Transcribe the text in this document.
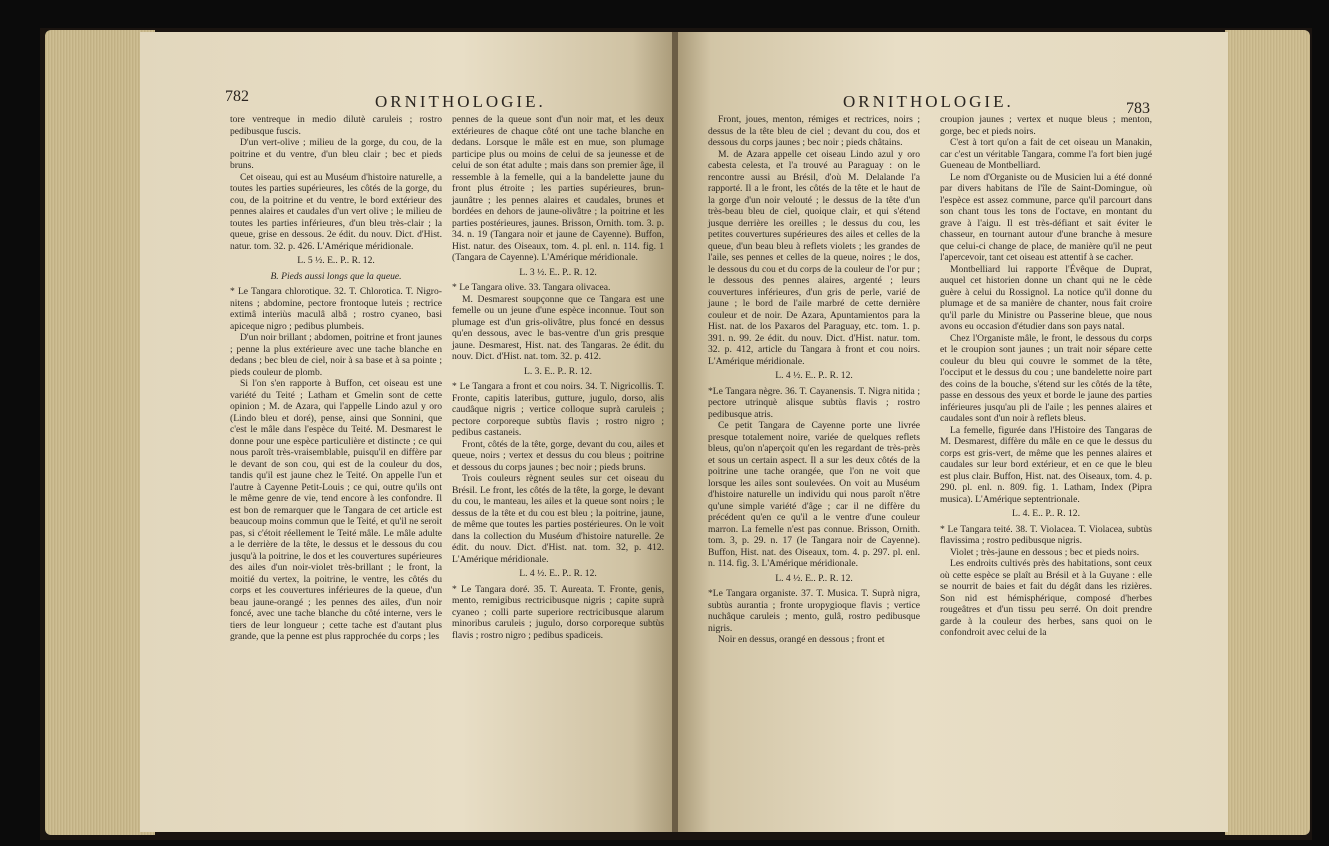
782	ORNITHOLOGIE.

tore ventreque in medio dilutè caruleis ; rostro pedibusque fuscis.

D'un vert-olive ; milieu de la gorge, du cou, de la poitrine et du ventre, d'un bleu clair ; bec et pieds bruns.

Cet oiseau, qui est au Muséum d'histoire naturelle, a toutes les parties supérieures, les côtés de la gorge, du cou, de la poitrine et du ventre, le bord extérieur des pennes alaires et caudales d'un vert olive ; le milieu de toutes les parties inférieures, d'un bleu très-clair ; la queue, grise en dessous. 2e édit. du nouv. Dict. d'Hist. natur. tom. 32. p. 426. L'Amérique méridionale.

L. 5 ½. E.. P.. R. 12.

B. Pieds aussi longs que la queue.

* Le Tangara chlorotique. 32. T. Chlorotica. T. Nigro-nitens ; abdomine, pectore frontoque luteis ; rectrice extimâ interiùs maculâ albâ ; rostro cyaneo, basi apiceque nigro ; pedibus plumbeis.

D'un noir brillant ; abdomen, poitrine et front jaunes ; penne la plus extérieure avec une tache blanche en dedans ; bec bleu de ciel, noir à sa base et à sa pointe ; pieds couleur de plomb.

Si l'on s'en rapporte à Buffon, cet oiseau est une variété du Teité ; Latham et Gmelin sont de cette opinion ; M. de Azara, qui l'appelle Lindo azul y oro (Lindo bleu et doré), pense, ainsi que Sonnini, que c'est le mâle dans l'espèce du Teité. M. Desmarest le donne pour une espèce particulière et distincte ; ce qui nous paroît très-vraisemblable, puisqu'il en diffère par le devant de son cou, qui est de la couleur du dos, tandis qu'il est jaune chez le Teité. On appelle l'un et l'autre à Cayenne Petit-Louis ; ce qui, outre qu'ils ont le même genre de vie, tend encore à les confondre. Il est bon de remarquer que le Tangara de cet article est beaucoup moins commun que le Teité, et qu'il ne seroit pas, si c'étoit réellement le Teité mâle. Le mâle adulte a le derrière de la tête, le dessus et le dessous du cou jusqu'à la poitrine, le dos et les couvertures supérieures des ailes d'un noir-violet très-brillant ; le front, la moitié du vertex, la poitrine, le ventre, les côtés du corps et les couvertures inférieures de la queue, d'un beau jaune-orangé ; les pennes des ailes, d'un noir foncé, avec une tache blanche du côté interne, vers le tiers de leur longueur ; cette tache est d'autant plus grande, que la penne est plus rapprochée du corps ; les

pennes de la queue sont d'un noir mat, et les deux extérieures de chaque côté ont une tache blanche en dedans. Lorsque le mâle est en mue, son plumage participe plus ou moins de celui de sa jeunesse et de celui de son état adulte ; mais dans son premier âge, il ressemble à la femelle, qui a la bandelette jaune du front plus étroite ; les parties supérieures, brun-jaunâtre ; les pennes alaires et caudales, brunes et bordées en dehors de jaune-olivâtre ; la poitrine et les parties postérieures, jaunes. Brisson, Ornith. tom. 3. p. 34. n. 19 (Tangara noir et jaune de Cayenne). Buffon, Hist. natur. des Oiseaux, tom. 4. pl. enl. n. 114. fig. 1 (Tangara de Cayenne). L'Amérique méridionale.

L. 3 ½. E.. P.. R. 12.

* Le Tangara olive. 33. Tangara olivacea.

M. Desmarest soupçonne que ce Tangara est une femelle ou un jeune d'une espèce inconnue. Tout son plumage est d'un gris-olivâtre, plus foncé en dessus qu'en dessous, avec le bas-ventre d'un gris presque jaune. Desmarest, Hist. nat. des Tangaras. 2e édit. du nouv. Dict. d'Hist. nat. tom. 32. p. 412.

L. 3. E.. P.. R. 12.

* Le Tangara a front et cou noirs. 34. T. Nigricollis. T. Fronte, capitis lateribus, gutture, jugulo, dorso, alis caudâque nigris ; vertice colloque suprà caruleis ; pectore corporeque subtùs flavis ; rostro nigro ; pedibus castaneis.

Front, côtés de la tête, gorge, devant du cou, ailes et queue, noirs ; vertex et dessus du cou bleus ; poitrine et dessous du corps jaunes ; bec noir ; pieds bruns.

Trois couleurs règnent seules sur cet oiseau du Brésil. Le front, les côtés de la tête, la gorge, le devant du cou, le manteau, les ailes et la queue sont noirs ; le dessus de la tête et du cou est bleu ; la poitrine, jaune, de même que toutes les parties postérieures. On le voit dans la collection du Muséum d'histoire naturelle. 2e édit. du nouv. Dict. d'Hist. nat. tom. 32, p. 412. L'Amérique méridionale.

L. 4 ½. E.. P.. R. 12.

* Le Tangara doré. 35. T. Aureata. T. Fronte, genis, mento, remigibus rectricibusque nigris ; capite suprà cyaneo ; colli parte superiore rectricibusque alarum minoribus caruleis ; jugulo, dorso corporeque subtùs flavis ; rostro nigro ; pedibus spadiceis.

ORNITHOLOGIE.	783

Front, joues, menton, rémiges et rectrices, noirs ; dessus de la tête bleu de ciel ; devant du cou, dos et dessous du corps jaunes ; bec noir ; pieds châtains.

M. de Azara appelle cet oiseau Lindo azul y oro cabesta celesta, et l'a trouvé au Paraguay : on le rencontre aussi au Brésil, d'où M. Delalande l'a rapporté. Il a le front, les côtés de la tête et le haut de la gorge d'un noir velouté ; le dessus de la tête d'un très-beau bleu de ciel, quoique clair, et qui s'étend jusque derrière les oreilles ; le dessus du cou, les petites couvertures supérieures des ailes et celles de la queue, d'un beau bleu à reflets violets ; les grandes de l'aile, ses pennes et celles de la queue, noires ; le dos, le dessous du cou et du corps de la couleur de l'or pur ; le dessous des pennes alaires, argenté ; leurs couvertures inférieures, d'un gris de perle, varié de jaune ; le bord de l'aile marbré de cette dernière couleur et de noir. De Azara, Apuntamientos para la Hist. nat. de los Paxaros del Paraguay, etc. tom. 1. p. 391. n. 99. 2e édit. du nouv. Dict. d'Hist. natur. tom. 32. p. 412, article du Tangara à front et cou noirs. L'Amérique méridionale.

L. 4 ½. E.. P.. R. 12.

*Le Tangara nègre. 36. T. Cayanensis. T. Nigra nitida ; pectore utrinquè alisque subtùs flavis ; rostro pedibusque atris.

Ce petit Tangara de Cayenne porte une livrée presque totalement noire, variée de quelques reflets bleus, qu'on n'aperçoit qu'en les regardant de très-près et sous un certain aspect. Il a sur les deux côtés de la poitrine une tache orangée, que l'on ne voit que lorsque les ailes sont soulevées. On voit au Muséum d'histoire naturelle un individu qui nous paroît n'être qu'une simple variété d'âge ; car il ne diffère du précédent qu'en ce qu'il a le ventre d'une couleur marron. La femelle n'est pas connue. Brisson, Ornith. tom. 3, p. 29. n. 17 (le Tangara noir de Cayenne). Buffon, Hist. nat. des Oiseaux, tom. 4. p. 297. pl. enl. n. 114. fig. 3. L'Amérique méridionale.

L. 4 ½. E.. P.. R. 12.

*Le Tangara organiste. 37. T. Musica. T. Suprà nigra, subtùs aurantia ; fronte uropygioque flavis ; vertice nuchâque caruleis ; mento, gulâ, rostro pedibusque nigris.

Noir en dessus, orangé en dessous ; front et

croupion jaunes ; vertex et nuque bleus ; menton, gorge, bec et pieds noirs.

C'est à tort qu'on a fait de cet oiseau un Manakin, car c'est un véritable Tangara, comme l'a fort bien jugé Gueneau de Montbelliard.

Le nom d'Organiste ou de Musicien lui a été donné par divers habitans de l'île de Saint-Domingue, où l'espèce est assez commune, parce qu'il parcourt dans son chant tous les tons de l'octave, en montant du grave à l'aigu. Il est très-défiant et sait éviter le chasseur, en tournant autour d'une branche à mesure que celui-ci change de place, de manière qu'il ne peut l'apercevoir, tant cet oiseau est attentif à se cacher.

Montbelliard lui rapporte l'Évêque de Duprat, auquel cet historien donne un chant qui ne le cède guère à celui du Rossignol. La notice qu'il donne du plumage et de sa manière de chanter, nous fait croire qu'il parle du Ministre ou Passerine bleue, que nous avons eu occasion d'étudier dans son pays natal.

Chez l'Organiste mâle, le front, le dessous du corps et le croupion sont jaunes ; un trait noir sépare cette couleur du bleu qui couvre le sommet de la tête, l'occiput et le dessus du cou ; une bandelette noire part des coins de la bouche, s'étend sur les côtés de la tête, passe en dessous des yeux et borde le jaune des parties inférieures jusqu'au pli de l'aile ; les pennes alaires et caudales sont d'un noir à reflets bleus.

La femelle, figurée dans l'Histoire des Tangaras de M. Desmarest, diffère du mâle en ce que le dessus du corps est gris-vert, de même que les pennes alaires et caudales sur leur bord extérieur, et en ce que le bleu est plus clair. Buffon, Hist. nat. des Oiseaux, tom. 4. p. 290. pl. enl. n. 809. fig. 1. Latham, Index (Pipra musica). L'Amérique septentrionale.

L. 4. E.. P.. R. 12.

* Le Tangara teité. 38. T. Violacea. T. Violacea, subtùs flavissima ; rostro pedibusque nigris.

Violet ; très-jaune en dessous ; bec et pieds noirs.

Les endroits cultivés près des habitations, sont ceux où cette espèce se plaît au Brésil et à la Guyane : elle se nourrit de baies et fait du dégât dans les rizières. Son nid est hémisphérique, composé d'herbes rougeâtres et d'un tissu peu serré. On doit prendre garde à la couleur des herbes, sans quoi on le confondroit avec celui de la
